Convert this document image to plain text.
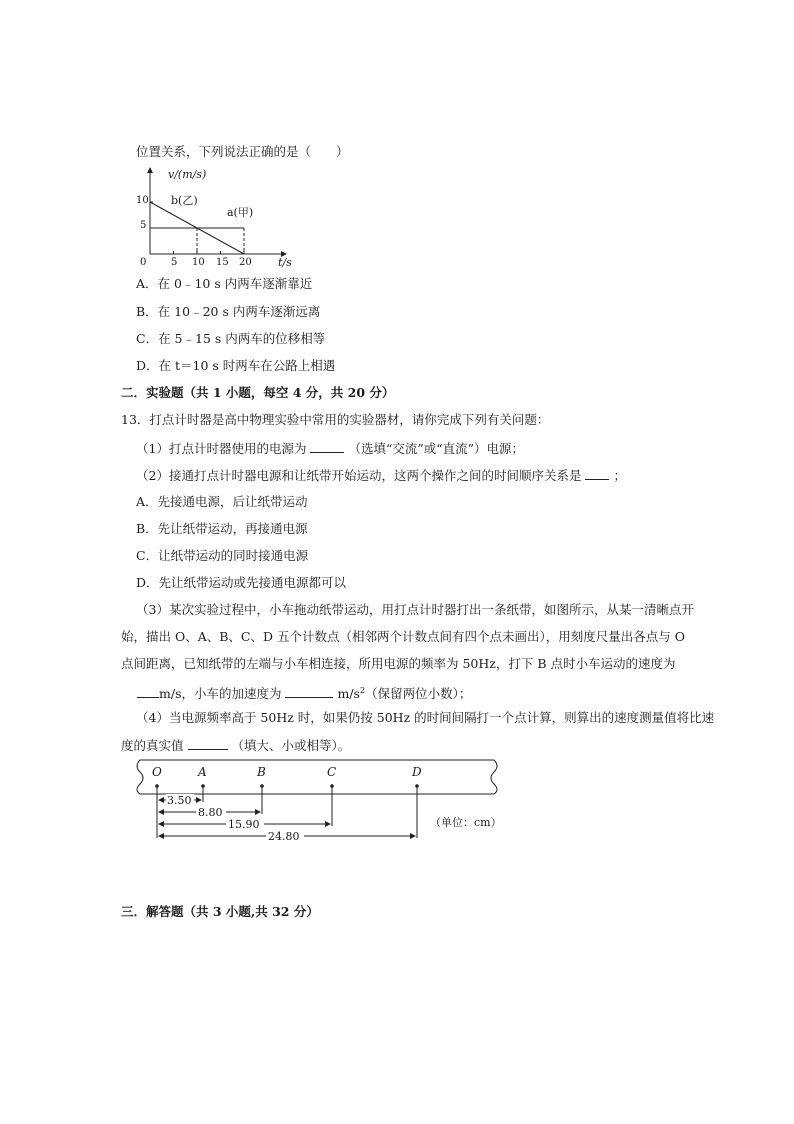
位置关系，下列说法正确的是（　　）
v/(m/s)
t/s
0
10
5
5 10 15 20
b(乙)
a(甲)
A．在 0﹣10 s 内两车逐渐靠近
B．在 10﹣20 s 内两车逐渐远离
C．在 5﹣15 s 内两车的位移相等
D．在 t＝10 s 时两车在公路上相遇
二．实验题（共 1 小题，每空 4 分，共 20 分）
13．打点计时器是高中物理实验中常用的实验器材，请你完成下列有关问题：
（1）打点计时器使用的电源为	（选填“交流”或“直流”）电源；
（2）接通打点计时器电源和让纸带开始运动，这两个操作之间的时间顺序关系是	；
A．先接通电源，后让纸带运动
B．先让纸带运动，再接通电源
C．让纸带运动的同时接通电源
D．先让纸带运动或先接通电源都可以
（3）某次实验过程中，小车拖动纸带运动，用打点计时器打出一条纸带，如图所示，从某一清晰点开
始，描出 O、A、B、C、D 五个计数点（相邻两个计数点间有四个点未画出），用刻度尺量出各点与 O
点间距离，已知纸带的左端与小车相连接，所用电源的频率为 50Hz，打下 B 点时小车运动的速度为
m/s，小车的加速度为	$m/s^2$（保留两位小数）；
（4）当电源频率高于 50Hz 时，如果仍按 50Hz 的时间间隔打一个点计算，则算出的速度测量值将比速
度的真实值	（填大、小或相等）。
O	A	B	C	D
3.50
8.80
15.90
24.80
（单位：cm）
三．解答题（共 3 小题,共 32 分）
